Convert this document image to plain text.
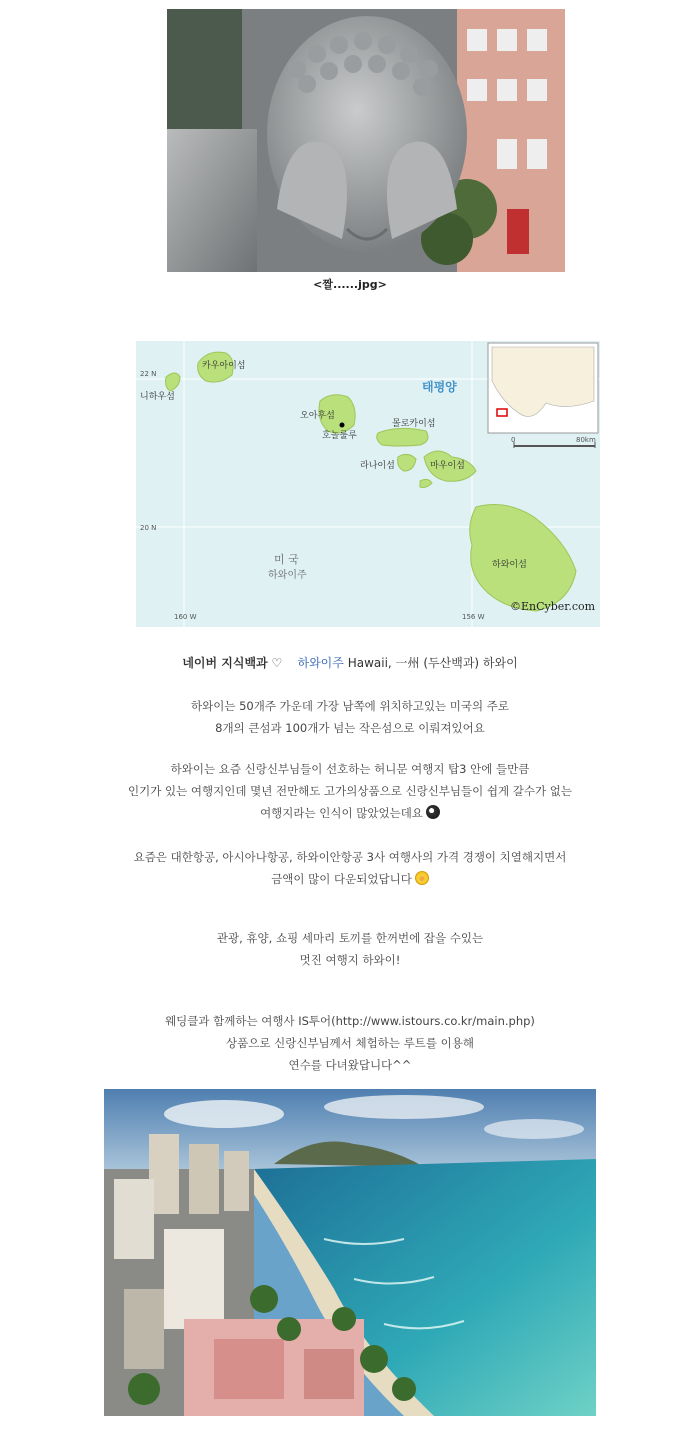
<짤......jpg>
카우아이섬
니하우섬
오아후섬
호놀룰루
몰로카이섬
라나이섬	마우이섬
하와이섬
하와이주
태평양
미 국
22 N
20 N
160 W	156 W
0	80km
©EnCyber.com
네이버 지식백과 ♡ 하와이주 Hawaii, 一州 (두산백과) 하와이
하와이는 50개주 가운데 가장 남쪽에 위치하고있는 미국의 주로
8개의 큰섬과 100개가 넘는 작은섬으로 이뤄져있어요
하와이는 요즘 신랑신부님들이 선호하는 허니문 여행지 탑3 안에 들만큼
인기가 있는 여행지인데 몇년 전만해도 고가의상품으로 신랑신부님들이 쉽게 갈수가 없는
여행지라는 인식이 많았었는데요
요즘은 대한항공, 아시아나항공, 하와이안항공 3사 여행사의 가격 경쟁이 치열해지면서
금액이 많이 다운되었답니다
관광, 휴양, 쇼핑 세마리 토끼를 한꺼번에 잡을 수있는
멋진 여행지 하와이!
웨딩클과 함께하는 여행사 IS투어(http://www.istours.co.kr/main.php)
상품으로 신랑신부님께서 체험하는 루트를 이용해
연수를 다녀왔답니다^^
